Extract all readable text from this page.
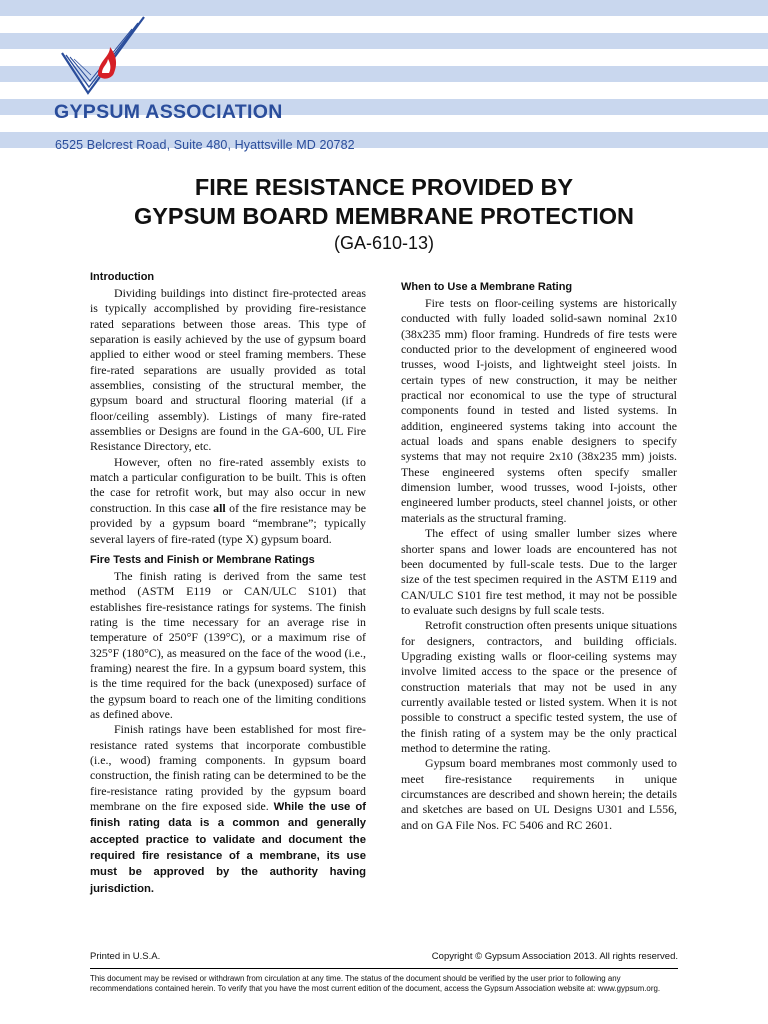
GYPSUM ASSOCIATION
6525 Belcrest Road, Suite 480, Hyattsville MD 20782
FIRE RESISTANCE PROVIDED BY
GYPSUM BOARD MEMBRANE PROTECTION
(GA-610-13)
Introduction

Dividing buildings into distinct fire-protected areas is typically accomplished by providing fire-resistance rated separations between those areas. This type of separation is easily achieved by the use of gypsum board applied to either wood or steel framing members. These fire-rated separations are usually provided as total assemblies, consisting of the structural member, the gypsum board and structural flooring material (if a floor/ceiling assembly). Listings of many fire-rated assemblies or Designs are found in the GA-600, UL Fire Resistance Directory, etc.

However, often no fire-rated assembly exists to match a particular configuration to be built. This is often the case for retrofit work, but may also occur in new construction. In this case all of the fire resistance may be provided by a gypsum board “membrane”; typically several layers of fire-rated (type X) gypsum board.

Fire Tests and Finish or Membrane Ratings

The finish rating is derived from the same test method (ASTM E119 or CAN/ULC S101) that establishes fire-resistance ratings for systems. The finish rating is the time necessary for an average rise in temperature of 250°F (139°C), or a maximum rise of 325°F (180°C), as measured on the face of the wood (i.e., framing) nearest the fire. In a gypsum board system, this is the time required for the back (unexposed) surface of the gypsum board to reach one of the limiting conditions as defined above.

Finish ratings have been established for most fire-resistance rated systems that incorporate combustible (i.e., wood) framing components. In gypsum board construction, the finish rating can be determined to be the fire-resistance rating provided by the gypsum board membrane on the fire exposed side. While the use of finish rating data is a common and generally accepted practice to validate and document the required fire resistance of a membrane, its use must be approved by the authority having jurisdiction.

When to Use a Membrane Rating

Fire tests on floor-ceiling systems are historically conducted with fully loaded solid-sawn nominal 2x10 (38x235 mm) floor framing. Hundreds of fire tests were conducted prior to the development of engineered wood trusses, wood I-joists, and lightweight steel joists. In certain types of new construction, it may be neither practical nor economical to use the type of structural components found in tested and listed systems. In addition, engineered systems taking into account the actual loads and spans enable designers to specify systems that may not require 2x10 (38x235 mm) joists. These engineered systems often specify smaller dimension lumber, wood trusses, wood I-joists, other engineered lumber products, steel channel joists, or other materials as the structural framing.

The effect of using smaller lumber sizes where shorter spans and lower loads are encountered has not been documented by full-scale tests. Due to the larger size of the test specimen required in the ASTM E119 and CAN/ULC S101 fire test method, it may not be possible to evaluate such designs by full scale tests.

Retrofit construction often presents unique situations for designers, contractors, and building officials. Upgrading existing walls or floor-ceiling systems may involve limited access to the space or the presence of construction materials that may not be used in any currently available tested or listed system. When it is not possible to construct a specific tested system, the use of the finish rating of a system may be the only practical method to determine the rating.

Gypsum board membranes most commonly used to meet fire-resistance requirements in unique circumstances are described and shown herein; the details and sketches are based on UL Designs U301 and L556, and on GA File Nos. FC 5406 and RC 2601.

Printed in U.S.A.	Copyright © Gypsum Association 2013. All rights reserved.
This document may be revised or withdrawn from circulation at any time. The status of the document should be verified by the user prior to following any recommendations contained herein. To verify that you have the most current edition of the document, access the Gypsum Association website at: www.gypsum.org.
